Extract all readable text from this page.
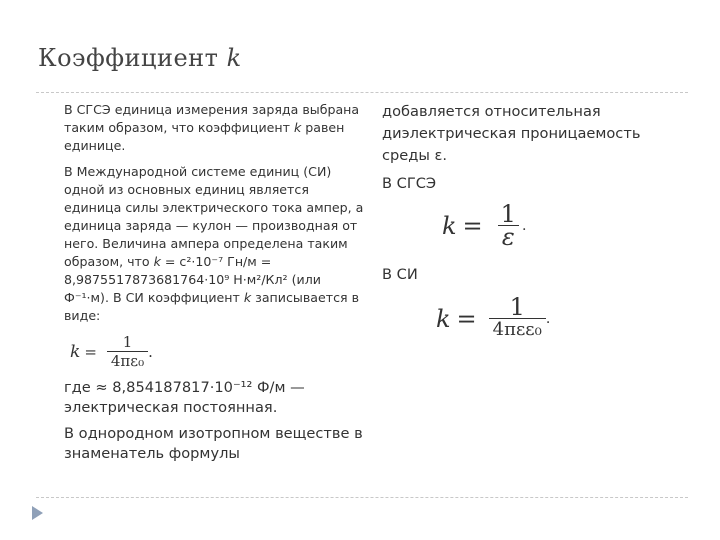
Коэффициент k

В СГСЭ единица измерения заряда выбрана таким образом, что коэффициент k равен единице.

В Международной системе единиц (СИ) одной из основных единиц является единица силы электрического тока ампер, а единица заряда — кулон — производная от него. Величина ампера определена таким образом, что k = c²·10⁻⁷ Гн/м = 8,9875517873681764·10⁹ Н·м²/Кл² (или Ф⁻¹·м). В СИ коэффициент k записывается в виде:

$k = \frac{1}{\text{4πε₀}}$ .
где ≈ 8,854187817·10⁻¹² Ф/м — электрическая постоянная.
В однородном изотропном веществе в знаменатель формулы

добавляется относительная диэлектрическая проницаемость среды ε.

В СГСЭ

$k = \frac{1}{\varepsilon}$ .

В СИ

$k = \frac{1}{\text{4πεε₀}}$ .
